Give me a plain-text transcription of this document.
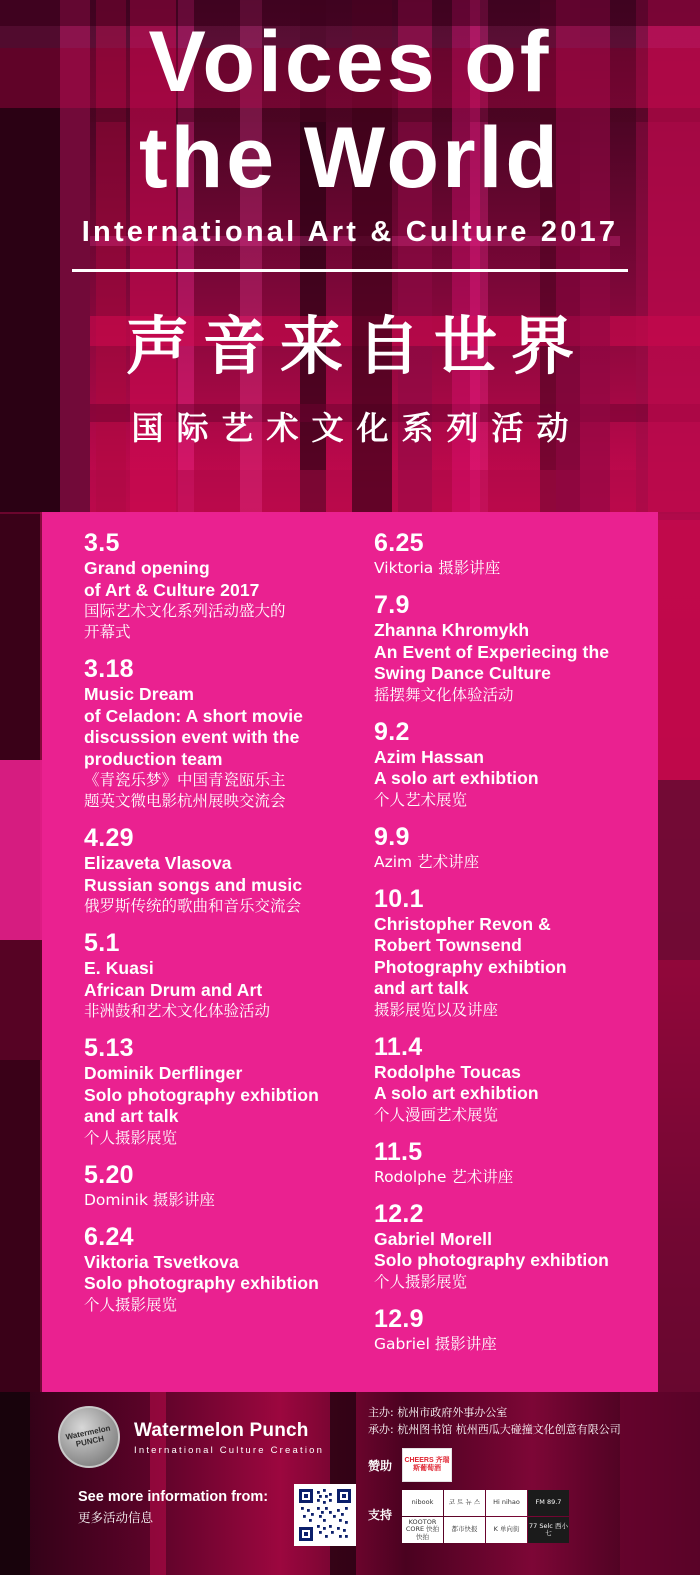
Voices of
the World
International Art & Culture 2017
声音来自世界
国际艺术文化系列活动
3.5
Grand opening
of Art & Culture 2017
国际艺术文化系列活动盛大的
开幕式
3.18
Music Dream
of Celadon: A short movie
discussion event with the
production team
《青瓷乐梦》中国青瓷瓯乐主
题英文微电影杭州展映交流会
4.29
Elizaveta Vlasova
Russian songs and music
俄罗斯传统的歌曲和音乐交流会
5.1
E. Kuasi
African Drum and Art
非洲鼓和艺术文化体验活动
5.13
Dominik Derflinger
Solo photography exhibtion
and art talk
个人摄影展览
5.20
Dominik 摄影讲座
6.24
Viktoria Tsvetkova
Solo photography exhibtion
个人摄影展览
6.25
Viktoria 摄影讲座
7.9
Zhanna Khromykh
An Event of Experiecing the
Swing Dance Culture
摇摆舞文化体验活动
9.2
Azim Hassan
A solo art exhibtion
个人艺术展览
9.9
Azim 艺术讲座
10.1
Christopher Revon &
Robert Townsend
Photography exhibtion
and art talk
摄影展览以及讲座
11.4
Rodolphe Toucas
A solo art exhibtion
个人漫画艺术展览
11.5
Rodolphe 艺术讲座
12.2
Gabriel Morell
Solo photography exhibtion
个人摄影展览
12.9
Gabriel 摄影讲座
Watermelon PUNCH
Watermelon Punch
International Culture Creation
See more information from:
更多活动信息
主办: 杭州市政府外事办公室
承办: 杭州图书馆 杭州西瓜大碰撞文化创意有限公司
赞助	CHEERS 齐瑞斯葡萄酒
支持
nibook	코 트 뉴 스	Hi nihao	FM 89.7
KOOTOR CORE 快拍快拍
都市快报	K 单向街	77 Selc 西小七
